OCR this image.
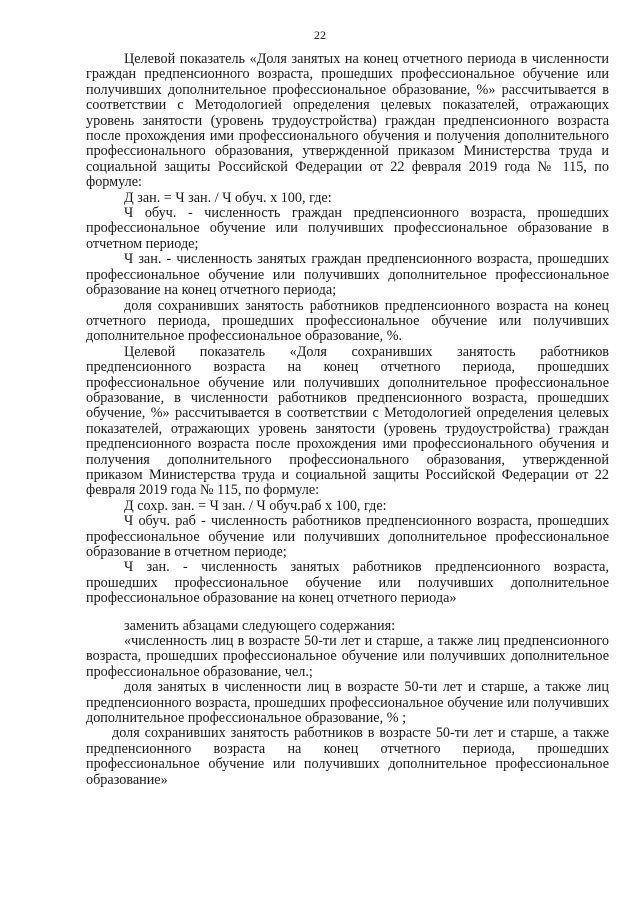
22

Целевой показатель «Доля занятых на конец отчетного периода в численности граждан предпенсионного возраста, прошедших профессиональное обучение или получивших дополнительное профессиональное образование, %» рассчитывается в соответствии с Методологией определения целевых показателей, отражающих уровень занятости (уровень трудоустройства) граждан предпенсионного возраста после прохождения ими профессионального обучения и получения дополнительного профессионального образования, утвержденной приказом Министерства труда и социальной защиты Российской Федерации от 22 февраля 2019 года № 115, по формуле:

Д зан. = Ч зан. / Ч обуч. х 100, где:

Ч обуч. - численность граждан предпенсионного возраста, прошедших профессиональное обучение или получивших профессиональное образование в отчетном периоде;

Ч зан. - численность занятых граждан предпенсионного возраста, прошедших профессиональное обучение или получивших дополнительное профессиональное образование на конец отчетного периода;

доля сохранивших занятость работников предпенсионного возраста на конец отчетного периода, прошедших профессиональное обучение или получивших дополнительное профессиональное образование, %.

Целевой показатель «Доля сохранивших занятость работников предпенсионного возраста на конец отчетного периода, прошедших профессиональное обучение или получивших дополнительное профессиональное образование, в численности работников предпенсионного возраста, прошедших обучение, %» рассчитывается в соответствии с Методологией определения целевых показателей, отражающих уровень занятости (уровень трудоустройства) граждан предпенсионного возраста после прохождения ими профессионального обучения и получения дополнительного профессионального образования, утвержденной приказом Министерства труда и социальной защиты Российской Федерации от 22 февраля 2019 года № 115, по формуле:

Д сохр. зан. = Ч зан. / Ч обуч.раб х 100, где:

Ч обуч. раб - численность работников предпенсионного возраста, прошедших профессиональное обучение или получивших дополнительное профессиональное образование в отчетном периоде;

Ч зан. - численность занятых работников предпенсионного возраста, прошедших профессиональное обучение или получивших дополнительное профессиональное образование на конец отчетного периода»

заменить абзацами следующего содержания:

«численность лиц в возрасте 50-ти лет и старше, а также лиц предпенсионного возраста, прошедших профессиональное обучение или получивших дополнительное профессиональное образование, чел.;

доля занятых в численности лиц в возрасте 50-ти лет и старше, а также лиц предпенсионного возраста, прошедших профессиональное обучение или получивших дополнительное профессиональное образование, % ;

доля сохранивших занятость работников в возрасте 50-ти лет и старше, а также предпенсионного возраста на конец отчетного периода, прошедших профессиональное обучение или получивших дополнительное профессиональное образование»
